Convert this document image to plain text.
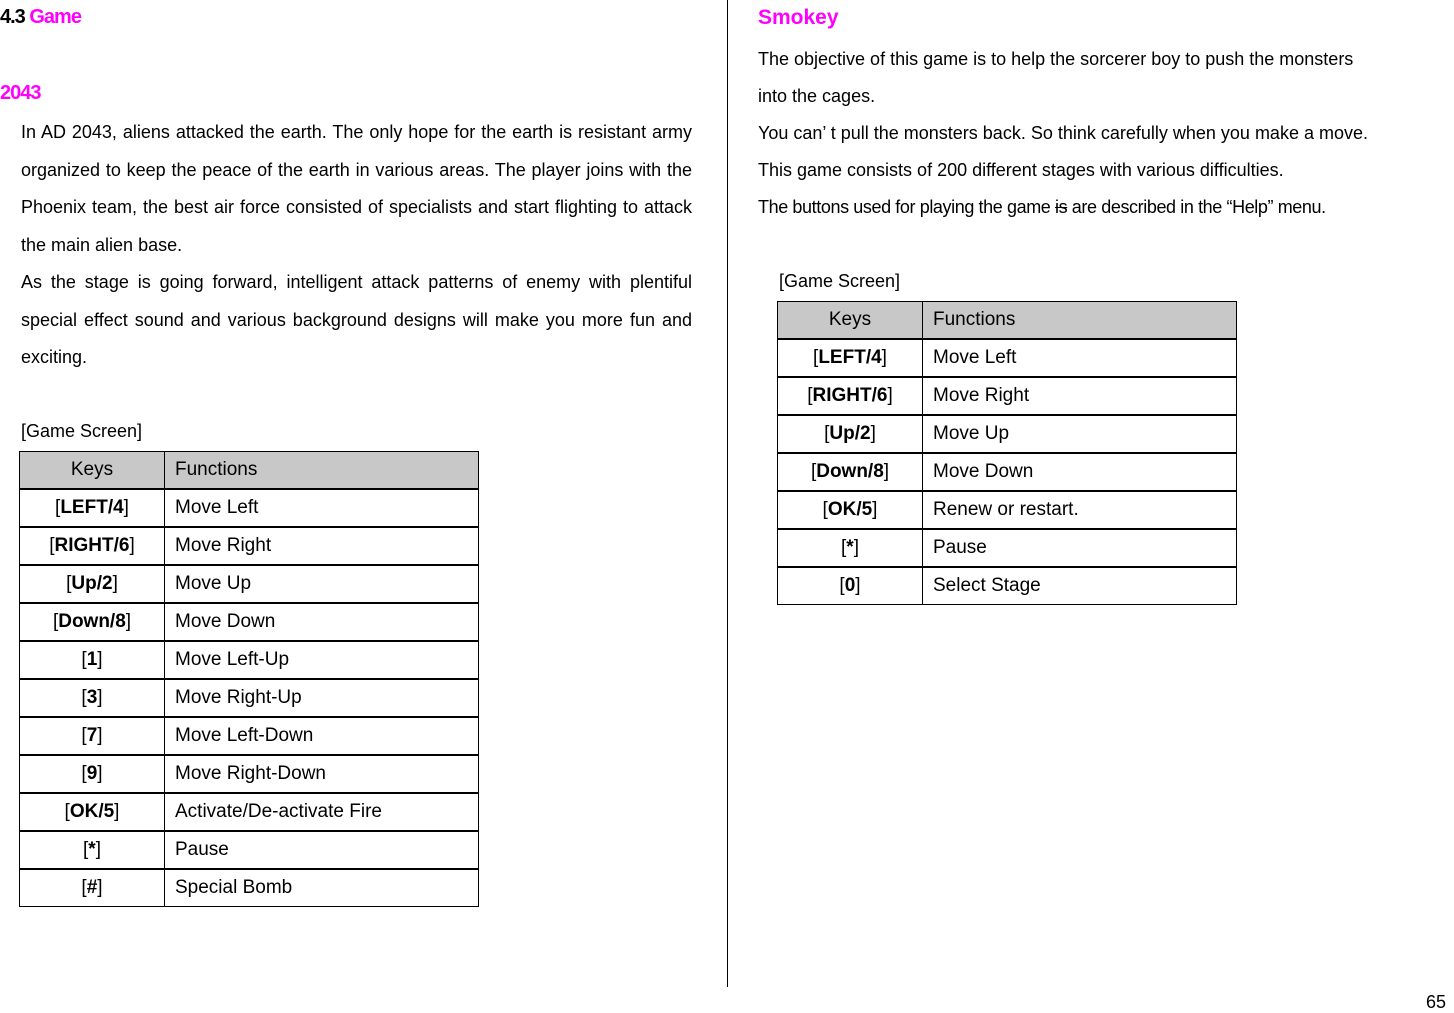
4.3 Game
2043
In AD 2043, aliens attacked the earth. The only hope for the earth is resistant army organized to keep the peace of the earth in various areas. The player joins with the Phoenix team, the best air force consisted of specialists and start flighting to attack the main alien base.
As the stage is going forward, intelligent attack patterns of enemy with plentiful special effect sound and various background designs will make you more fun and exciting.
[Game Screen]
Keys	Functions
[LEFT/4]	Move Left
[RIGHT/6]	Move Right
[Up/2]	Move Up
[Down/8]	Move Down
[1]	Move Left-Up
[3]	Move Right-Up
[7]	Move Left-Down
[9]	Move Right-Down
[OK/5]	Activate/De-activate Fire
[*]	Pause
[#]	Special Bomb
Smokey
The objective of this game is to help the sorcerer boy to push the monsters
into the cages.
You can’ t pull the monsters back. So think carefully when you make a move.
This game consists of 200 different stages with various difficulties.
The buttons used for playing the game is are described in the “Help” menu.
[Game Screen]
Keys	Functions
[LEFT/4]	Move Left
[RIGHT/6]	Move Right
[Up/2]	Move Up
[Down/8]	Move Down
[OK/5]	Renew or restart.
[*]	Pause
[0]	Select Stage
65
